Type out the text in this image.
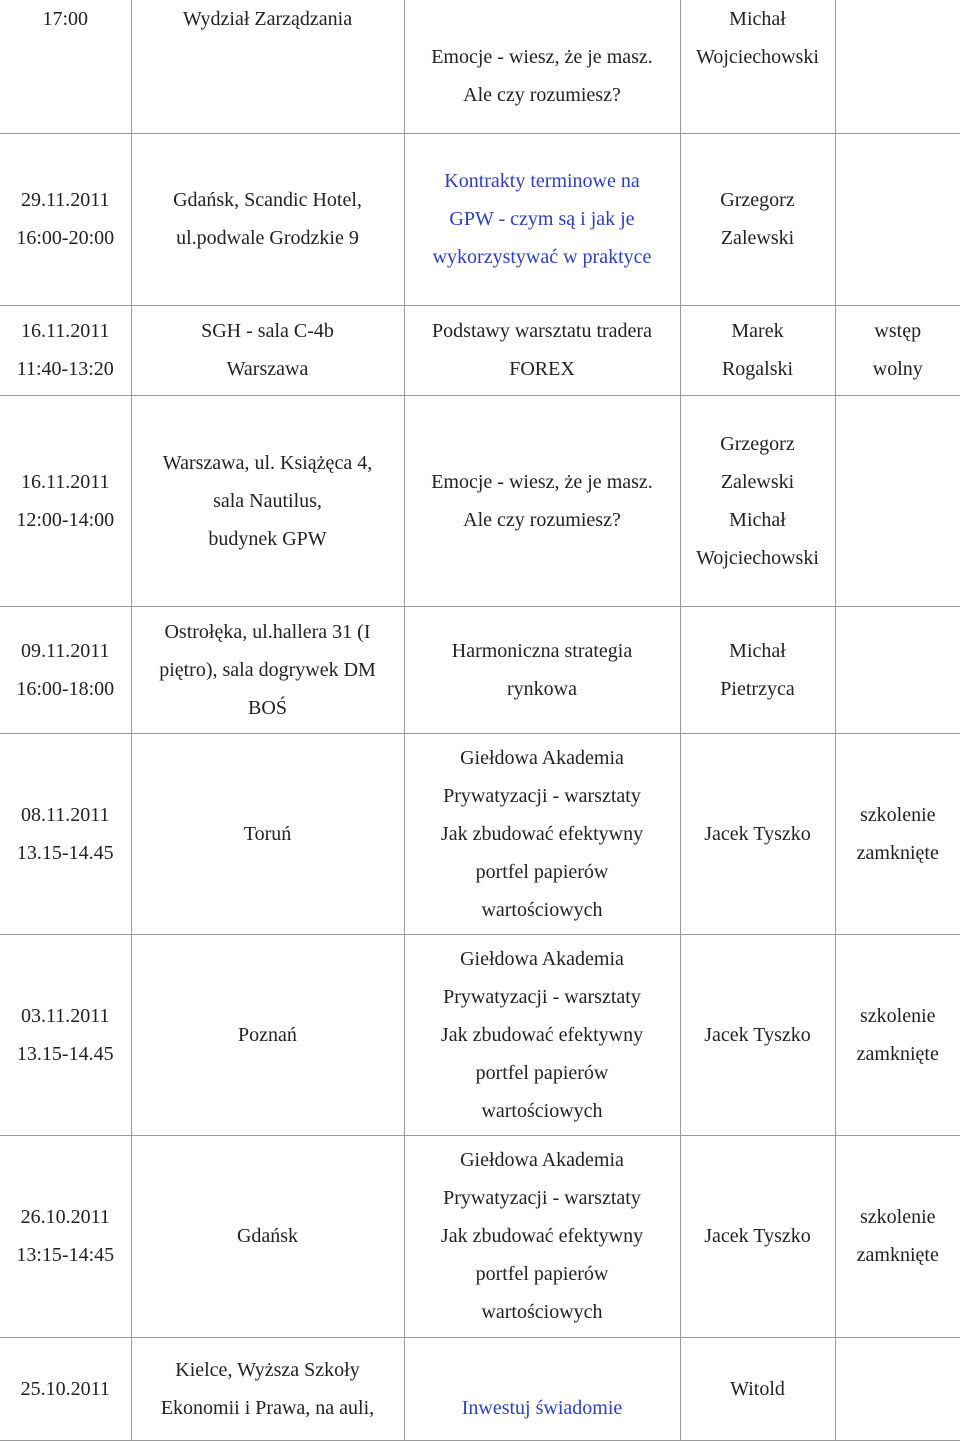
17:00	Wydział Zarządzania	Emocje - wiesz, że je masz.
Ale czy rozumiesz?	Michał
Wojciechowski	

29.11.2011
16:00-20:00	Gdańsk, Scandic Hotel,
ul.podwale Grodzkie 9	Kontrakty terminowe na
GPW - czym są i jak je
wykorzystywać w praktyce	Grzegorz
Zalewski	

16.11.2011
11:40-13:20	SGH - sala C-4b
Warszawa	Podstawy warsztatu tradera
FOREX	Marek
Rogalski	wstęp
wolny

16.11.2011
12:00-14:00	Warszawa, ul. Książęca 4,
sala Nautilus,
budynek GPW	Emocje - wiesz, że je masz.
Ale czy rozumiesz?	Grzegorz
Zalewski
Michał
Wojciechowski	

09.11.2011
16:00-18:00	Ostrołęka, ul.hallera 31 (I
piętro), sala dogrywek DM
BOŚ	Harmoniczna strategia
rynkowa	Michał
Pietrzyca	

08.11.2011
13.15-14.45	Toruń	Giełdowa Akademia
Prywatyzacji - warsztaty
Jak zbudować efektywny
portfel papierów
wartościowych	Jacek Tyszko	szkolenie
zamknięte

03.11.2011
13.15-14.45	Poznań	Giełdowa Akademia
Prywatyzacji - warsztaty
Jak zbudować efektywny
portfel papierów
wartościowych	Jacek Tyszko	szkolenie
zamknięte

26.10.2011
13:15-14:45	Gdańsk	Giełdowa Akademia
Prywatyzacji - warsztaty
Jak zbudować efektywny
portfel papierów
wartościowych	Jacek Tyszko	szkolenie
zamknięte

25.10.2011	Kielce, Wyższa Szkoły
Ekonomii i Prawa, na auli,	Inwestuj świadomie	Witold	
